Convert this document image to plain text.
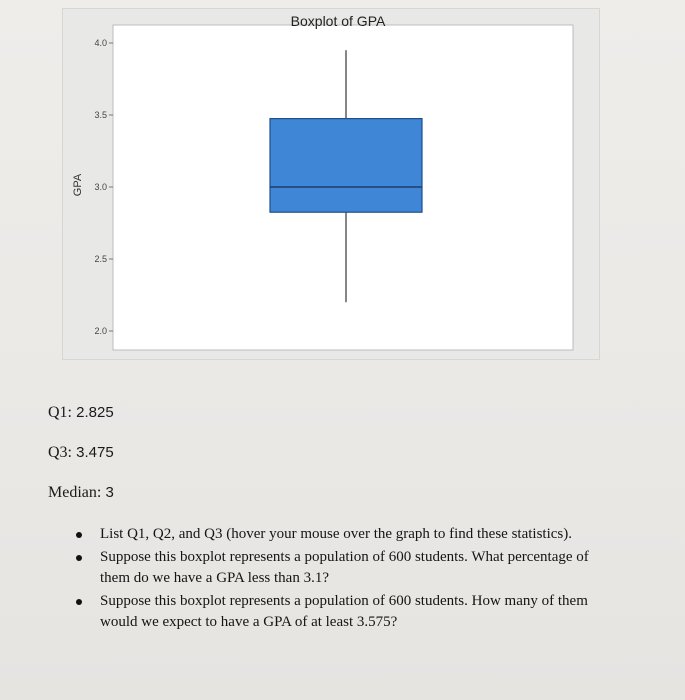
Boxplot of GPA
GPA
2.0
2.5
3.0
3.5
4.0
Q1: 2.825
Q3: 3.475
Median: 3
List Q1, Q2, and Q3 (hover your mouse over the graph to find these statistics).
Suppose this boxplot represents a population of 600 students. What percentage of them do we have a GPA less than 3.1?
Suppose this boxplot represents a population of 600 students. How many of them would we expect to have a GPA of at least 3.575?
